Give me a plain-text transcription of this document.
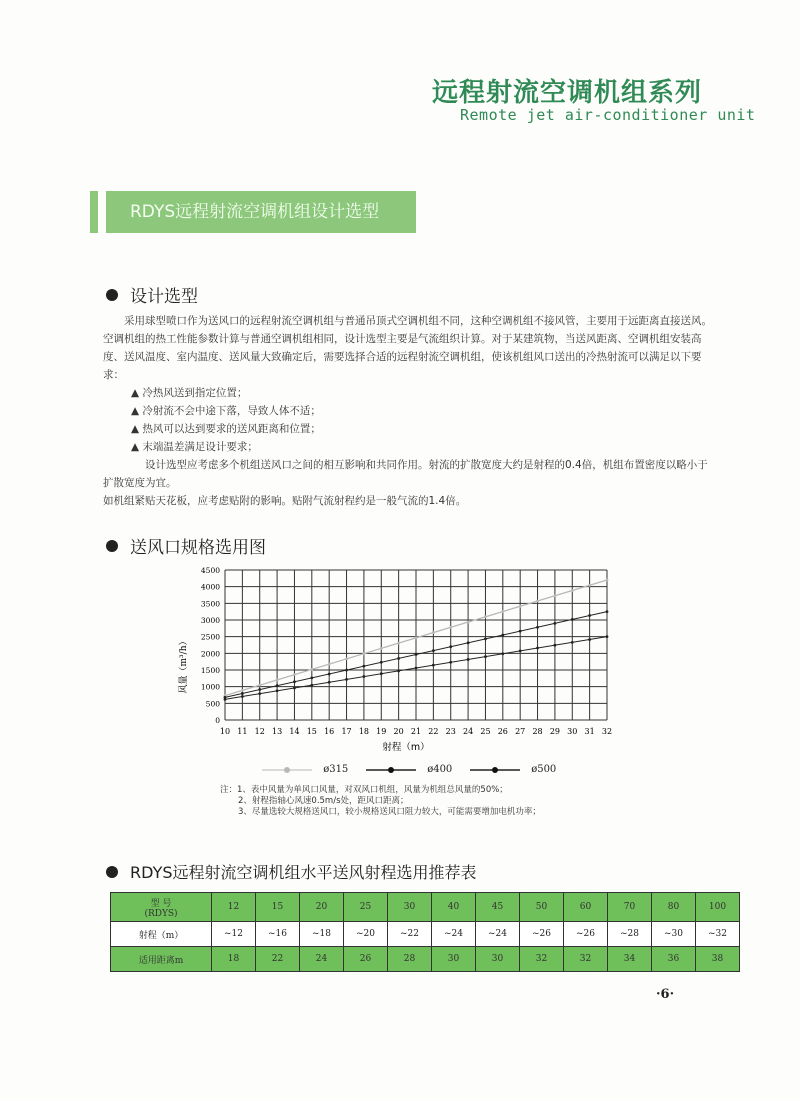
远程射流空调机组系列
Remote jet air-conditioner unit
RDYS远程射流空调机组设计选型
设计选型

采用球型喷口作为送风口的远程射流空调机组与普通吊顶式空调机组不同，这种空调机组不接风管，主要用于远距离直接送风。空调机组的热工性能参数计算与普通空调机组相同，设计选型主要是气流组织计算。对于某建筑物，当送风距离、空调机组安装高度、送风温度、室内温度、送风量大致确定后，需要选择合适的远程射流空调机组，使该机组风口送出的冷热射流可以满足以下要求：

▲ 冷热风送到指定位置；

▲ 冷射流不会中途下落，导致人体不适；

▲ 热风可以达到要求的送风距离和位置；

▲ 末端温差满足设计要求；

设计选型应考虑多个机组送风口之间的相互影响和共同作用。射流的扩散宽度大约是射程的0.4倍，机组布置密度以略小于扩散宽度为宜。

如机组紧贴天花板，应考虑贴附的影响。贴附气流射程约是一般气流的1.4倍。

送风口规格选用图
0
500
1000
1500
2000
2500
3000
3500
4000
4500
10 11 12 13 14 15 16 17 18 19 20 21 22 23 24 25 26 27 28 29 30 31 32
风量（m³/h）
射程（m）
ø315	ø400	ø500
注：1、表中风量为单风口风量，对双风口机组，风量为机组总风量的50%；
2、射程指轴心风速0.5m/s处，距风口距离；
3、尽量选较大规格送风口，较小规格送风口阻力较大，可能需要增加电机功率；
RDYS远程射流空调机组水平送风射程选用推荐表
型 号
(RDYS)	12	15	20	25	30	40	45	50	60	70	80	100
射程（m）	~12	~16	~18	~20	~22	~24	~24	~26	~26	~28	~30	~32
适用距离m	18	22	24	26	28	30	30	32	32	34	36	38
·6·
